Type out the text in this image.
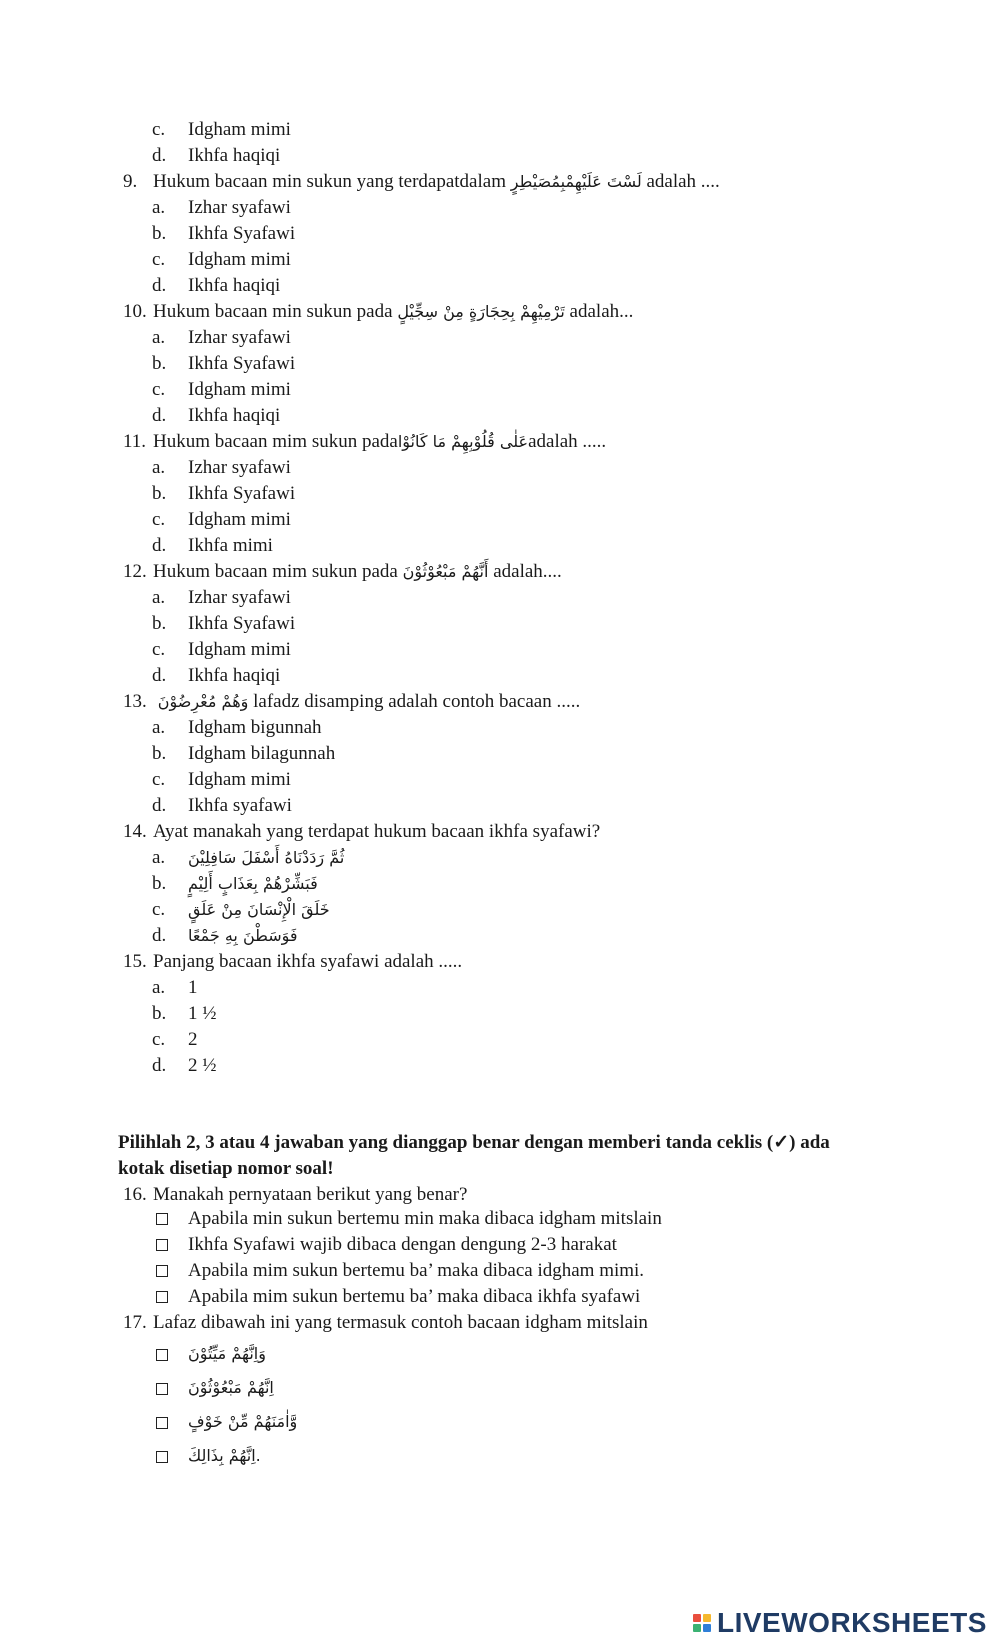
c. Idgham mimi
d. Ikhfa haqiqi
9. Hukum bacaan min sukun yang terdapatdalam لَسْتَ عَلَيْهِمْبِمُصَيْطِرٍ adalah ....
a. Izhar syafawi
b. Ikhfa Syafawi
c. Idgham mimi
d. Ikhfa haqiqi
10. Hukum bacaan min sukun pada تَرْمِيْهِمْ بِحِجَارَةٍ مِنْ سِجِّيْلٍ adalah...
a. Izhar syafawi
b. Ikhfa Syafawi
c. Idgham mimi
d. Ikhfa haqiqi
11. Hukum bacaan mim sukun padaعَلٰى قُلُوْبِهِمْ مَا كَانُوْاadalah .....
a. Izhar syafawi
b. Ikhfa Syafawi
c. Idgham mimi
d. Ikhfa mimi
12. Hukum bacaan mim sukun pada أَنَّهُمْ مَبْعُوْثُوْنَ adalah....
a. Izhar syafawi
b. Ikhfa Syafawi
c. Idgham mimi
d. Ikhfa haqiqi
13. وَهُمْ مُعْرِضُوْنَ lafadz disamping adalah contoh bacaan .....
a. Idgham bigunnah
b. Idgham bilagunnah
c. Idgham mimi
d. Ikhfa syafawi
14. Ayat manakah yang terdapat hukum bacaan ikhfa syafawi?
a. ثُمَّ رَدَدْنَاهُ أَسْفَلَ سَافِلِيْنَ
b. فَبَشِّرْهُمْ بِعَذَابٍ أَلِيْمٍ
c. خَلَقَ الْإِنْسَانَ مِنْ عَلَقٍ
d. فَوَسَطْنَ بِهِ جَمْعًا
15. Panjang bacaan ikhfa syafawi adalah .....
a. 1
b. 1 ½
c. 2
d. 2 ½
Pilihlah 2, 3 atau 4 jawaban yang dianggap benar dengan memberi tanda ceklis (✓) ada kotak disetiap nomor soal!
16. Manakah pernyataan berikut yang benar?
Apabila min sukun bertemu min maka dibaca idgham mitslain
Ikhfa Syafawi wajib dibaca dengan dengung 2-3 harakat
Apabila mim sukun bertemu ba’ maka dibaca idgham mimi.
Apabila mim sukun bertemu ba’ maka dibaca ikhfa syafawi
17. Lafaz dibawah ini yang termasuk contoh bacaan idgham mitslain
وَاِنَّهُمْ مَيِّتُوْنَ
اِنَّهُمْ مَبْعُوْثُوْنَ
وَّاٰمَنَهُمْ مِّنْ خَوْفٍ
.اِنَّهُمْ بِذَالِكَ
LIVEWORKSHEETS
